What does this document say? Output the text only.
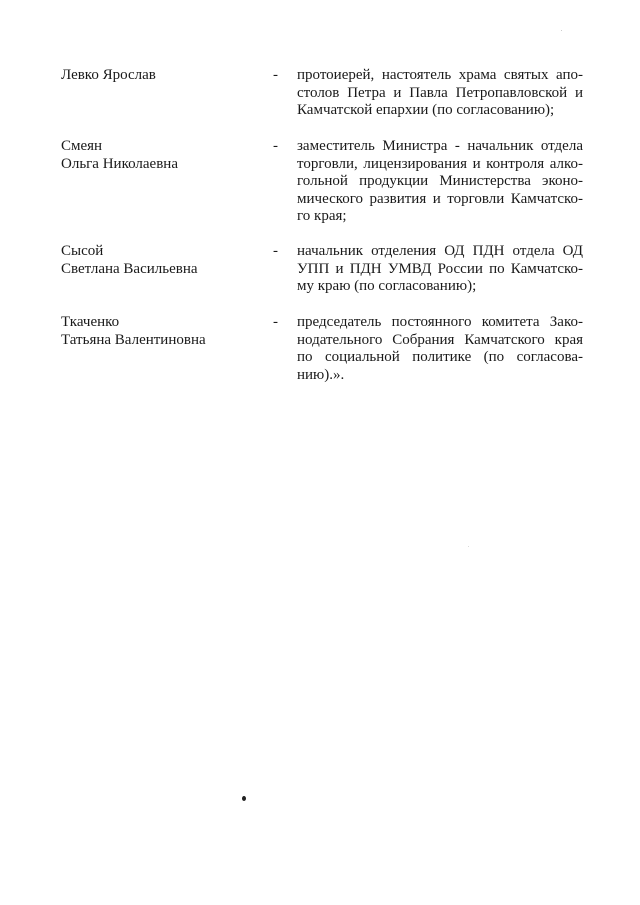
Левко Ярослав	- протоиерей, настоятель храма святых апо-
столов Петра и Павла Петропавловской и
Камчатской епархии (по согласованию);
Смеян
Ольга Николаевна
- заместитель Министра - начальник отдела
торговли, лицензирования и контроля алко-
гольной продукции Министерства эконо-
мического развития и торговли Камчатско-
го края;
Сысой
Светлана Васильевна
- начальник отделения ОД ПДН отдела ОД
УПП и ПДН УМВД России по Камчатско-
му краю (по согласованию);
Ткаченко
Татьяна Валентиновна
- председатель постоянного комитета Зако-
нодательного Собрания Камчатского края
по социальной политике (по согласова-
нию).».
